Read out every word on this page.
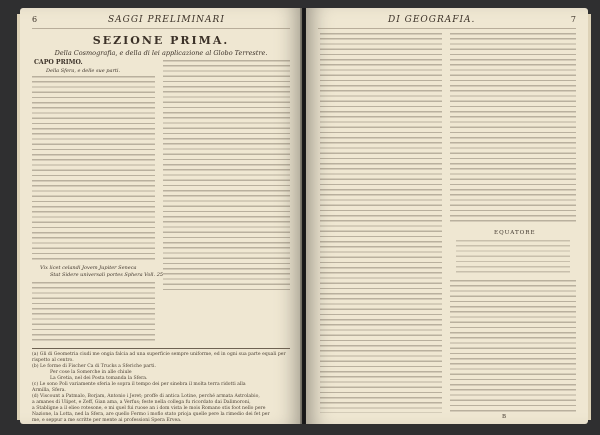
6	SAGGI PRELIMINARI
SEZIONE PRIMA.
Della Cosmografia, e della di lei applicazione al Globo Terrestre.
CAPO PRIMO.
Della Sfera, e delle sue parti.
Vix licet celandi Jovem Jupiter Seneca
Stat Sidere universali portes Sphera Voll. 25
(a) Gli di Geometria ciudi me ongia falcia ad una superficie sempre uniforme, ed in ogni sua parte equali per
rispetto al centro.
(b) Le forme di Fischer Ca di Trucks a Sferiche parti.
Per cose la Somerche in alle chiule
La Gretia, nel dei Posta tomanda la Sfera.
(c) Le sono Poli variamente sferia le sopra il tempo dei per sinebra il molta terra ridotti alla
Armilla, Sfera.
(d) Viscount a Patmalo, Borjam, Antonio i Jeret; proffe di antica Lotine, perché armata Astrolabio,
a amanes di Ulipet, e Zeff, Gian ama, a Verfus; feste nella collega fu ricordato dai Dalimoroni,
a Stabligne a il elieo rotesone, e mi quel fui ruose an i dom vista le mois Romano stis foot nello pere
Nazione, la Lotta, ned la Sfera, are quello Fermo i moflo stato prioja quelle pere la rimedio dei fet per
me, e seppur a me scritte per mente ai professioni Spera Ervea.
DI GEOGRAFIA.	7
EQUATORE
B
